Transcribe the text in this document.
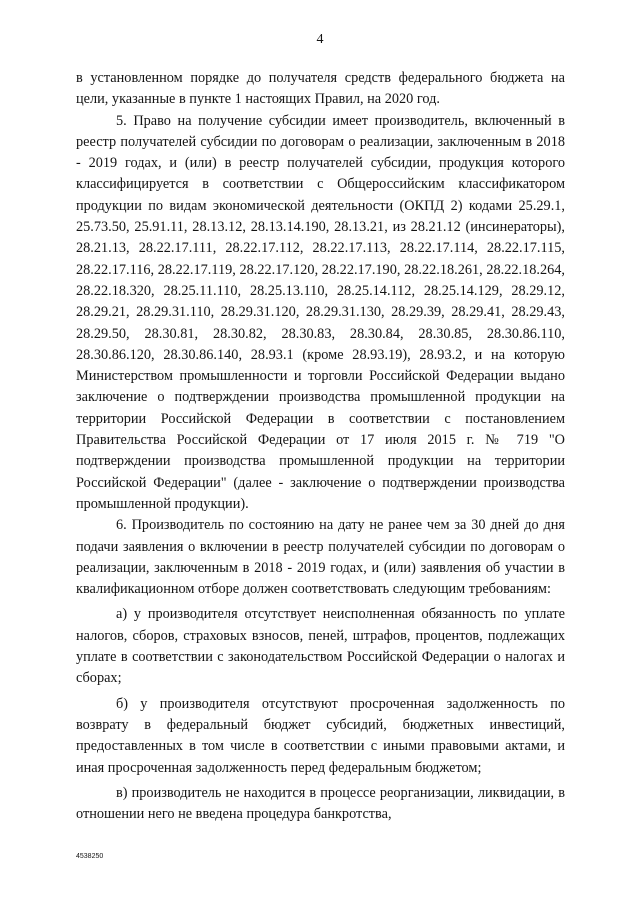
4

в установленном порядке до получателя средств федерального бюджета на цели, указанные в пункте 1 настоящих Правил, на 2020 год.

5. Право на получение субсидии имеет производитель, включенный в реестр получателей субсидии по договорам о реализации, заключенным в 2018 - 2019 годах, и (или) в реестр получателей субсидии, продукция которого классифицируется в соответствии с Общероссийским классификатором продукции по видам экономической деятельности (ОКПД 2) кодами 25.29.1, 25.73.50, 25.91.11, 28.13.12, 28.13.14.190, 28.13.21, из 28.21.12 (инсинераторы), 28.21.13, 28.22.17.111, 28.22.17.112, 28.22.17.113, 28.22.17.114, 28.22.17.115, 28.22.17.116, 28.22.17.119, 28.22.17.120, 28.22.17.190, 28.22.18.261, 28.22.18.264, 28.22.18.320, 28.25.11.110, 28.25.13.110, 28.25.14.112, 28.25.14.129, 28.29.12, 28.29.21, 28.29.31.110, 28.29.31.120, 28.29.31.130, 28.29.39, 28.29.41, 28.29.43, 28.29.50, 28.30.81, 28.30.82, 28.30.83, 28.30.84, 28.30.85, 28.30.86.110, 28.30.86.120, 28.30.86.140, 28.93.1 (кроме 28.93.19), 28.93.2, и на которую Министерством промышленности и торговли Российской Федерации выдано заключение о подтверждении производства промышленной продукции на территории Российской Федерации в соответствии с постановлением Правительства Российской Федерации от 17 июля 2015 г. № 719 "О подтверждении производства промышленной продукции на территории Российской Федерации" (далее - заключение о подтверждении производства промышленной продукции).

6. Производитель по состоянию на дату не ранее чем за 30 дней до дня подачи заявления о включении в реестр получателей субсидии по договорам о реализации, заключенным в 2018 - 2019 годах, и (или) заявления об участии в квалификационном отборе должен соответствовать следующим требованиям:

а) у производителя отсутствует неисполненная обязанность по уплате налогов, сборов, страховых взносов, пеней, штрафов, процентов, подлежащих уплате в соответствии с законодательством Российской Федерации о налогах и сборах;

б) у производителя отсутствуют просроченная задолженность по возврату в федеральный бюджет субсидий, бюджетных инвестиций, предоставленных в том числе в соответствии с иными правовыми актами, и иная просроченная задолженность перед федеральным бюджетом;

в) производитель не находится в процессе реорганизации, ликвидации, в отношении него не введена процедура банкротства,

4538250
